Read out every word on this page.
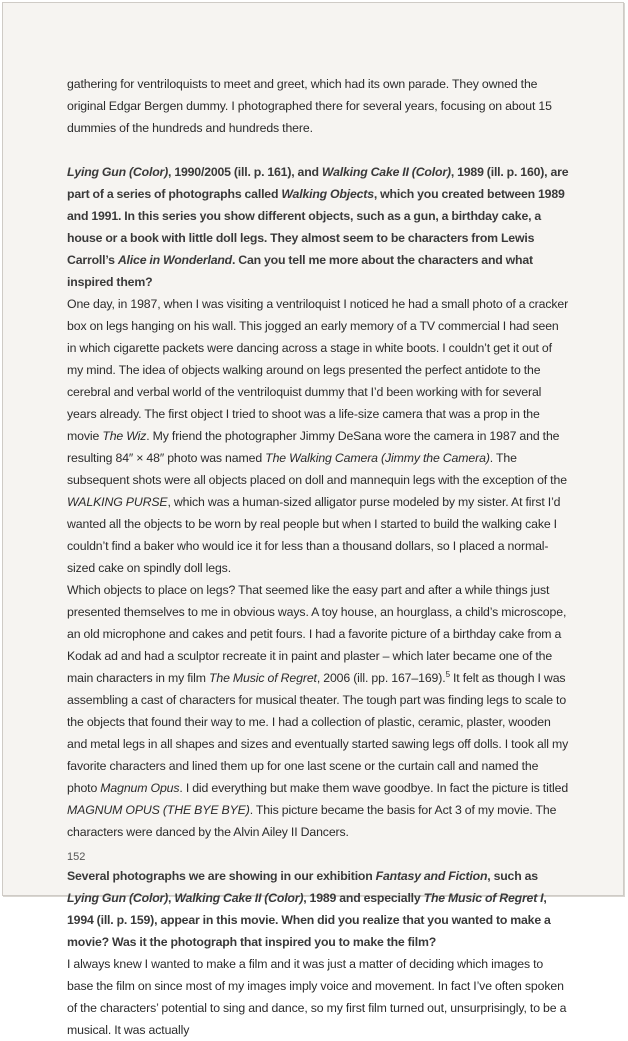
gathering for ventriloquists to meet and greet, which had its own parade. They owned the original Edgar Bergen dummy. I photographed there for several years, focusing on about 15 dummies of the hundreds and hundreds there.

Lying Gun (Color), 1990/2005 (ill. p. 161), and Walking Cake II (Color), 1989 (ill. p. 160), are part of a series of photographs called Walking Objects, which you created between 1989 and 1991. In this series you show different objects, such as a gun, a birthday cake, a house or a book with little doll legs. They almost seem to be characters from Lewis Carroll’s Alice in Wonderland. Can you tell me more about the characters and what inspired them?

One day, in 1987, when I was visiting a ventriloquist I noticed he had a small photo of a cracker box on legs hanging on his wall. This jogged an early memory of a TV commercial I had seen in which cigarette packets were dancing across a stage in white boots. I couldn’t get it out of my mind. The idea of objects walking around on legs presented the perfect antidote to the cerebral and verbal world of the ventriloquist dummy that I’d been working with for several years already. The first object I tried to shoot was a life-size camera that was a prop in the movie The Wiz. My friend the photographer Jimmy DeSana wore the camera in 1987 and the resulting 84″ × 48″ photo was named The Walking Camera (Jimmy the Camera). The subsequent shots were all objects placed on doll and mannequin legs with the exception of the WALKING PURSE, which was a human-sized alligator purse modeled by my sister. At first I’d wanted all the objects to be worn by real people but when I started to build the walking cake I couldn’t find a baker who would ice it for less than a thousand dollars, so I placed a normal-sized cake on spindly doll legs.

Which objects to place on legs? That seemed like the easy part and after a while things just presented themselves to me in obvious ways. A toy house, an hourglass, a child’s microscope, an old microphone and cakes and petit fours. I had a favorite picture of a birthday cake from a Kodak ad and had a sculptor recreate it in paint and plaster – which later became one of the main characters in my film The Music of Regret, 2006 (ill. pp. 167–169).$^5$ It felt as though I was assembling a cast of characters for musical theater. The tough part was finding legs to scale to the objects that found their way to me. I had a collection of plastic, ceramic, plaster, wooden and metal legs in all shapes and sizes and eventually started sawing legs off dolls. I took all my favorite characters and lined them up for one last scene or the curtain call and named the photo Magnum Opus. I did everything but make them wave goodbye. In fact the picture is titled MAGNUM OPUS (THE BYE BYE). This picture became the basis for Act 3 of my movie. The characters were danced by the Alvin Ailey II Dancers.

Several photographs we are showing in our exhibition Fantasy and Fiction, such as Lying Gun (Color), Walking Cake II (Color), 1989 and especially The Music of Regret I, 1994 (ill. p. 159), appear in this movie. When did you realize that you wanted to make a movie? Was it the photograph that inspired you to make the film?

I always knew I wanted to make a film and it was just a matter of deciding which images to base the film on since most of my images imply voice and movement. In fact I’ve often spoken of the characters’ potential to sing and dance, so my first film turned out, unsurprisingly, to be a musical. It was actually

152
